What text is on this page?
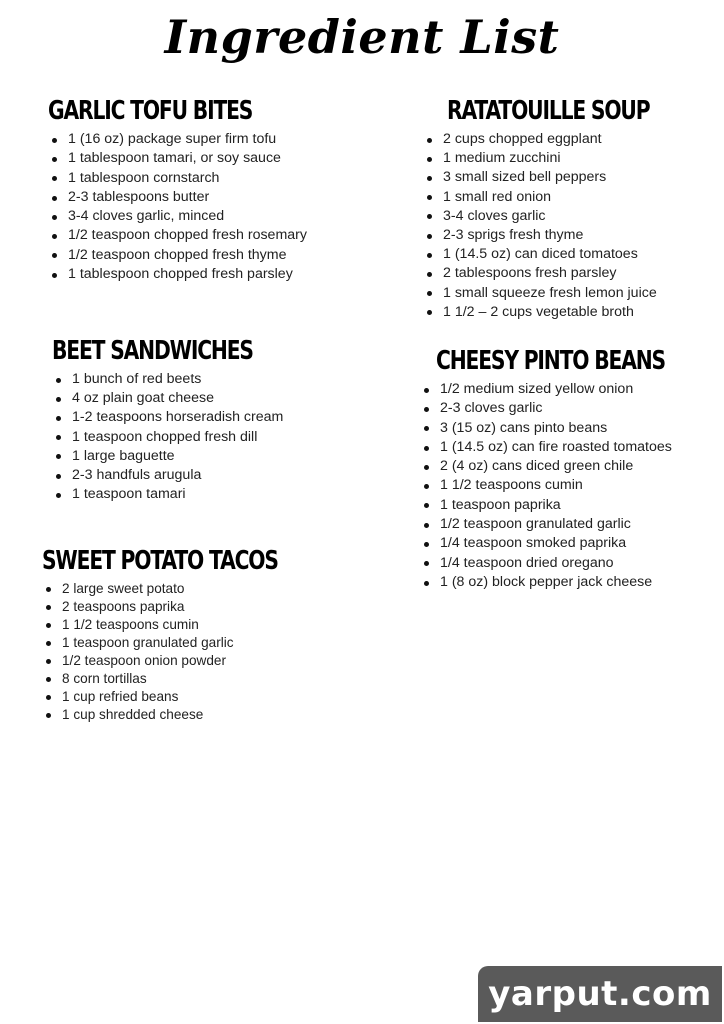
Ingredient List
GARLIC TOFU BITES
1 (16 oz) package super firm tofu
1 tablespoon tamari, or soy sauce
1 tablespoon cornstarch
2-3 tablespoons butter
3-4 cloves garlic, minced
1/2 teaspoon chopped fresh rosemary
1/2 teaspoon chopped fresh thyme
1 tablespoon chopped fresh parsley
BEET SANDWICHES
1 bunch of red beets
4 oz plain goat cheese
1-2 teaspoons horseradish cream
1 teaspoon chopped fresh dill
1 large baguette
2-3 handfuls arugula
1 teaspoon tamari
SWEET POTATO TACOS
2 large sweet potato
2 teaspoons paprika
1 1/2 teaspoons cumin
1 teaspoon granulated garlic
1/2 teaspoon onion powder
8 corn tortillas
1 cup refried beans
1 cup shredded cheese
RATATOUILLE SOUP
2 cups chopped eggplant
1 medium zucchini
3 small sized bell peppers
1 small red onion
3-4 cloves garlic
2-3 sprigs fresh thyme
1 (14.5 oz) can diced tomatoes
2 tablespoons fresh parsley
1 small squeeze fresh lemon juice
1 1/2 – 2 cups vegetable broth
CHEESY PINTO BEANS
1/2 medium sized yellow onion
2-3 cloves garlic
3 (15 oz) cans pinto beans
1 (14.5 oz) can fire roasted tomatoes
2 (4 oz) cans diced green chile
1 1/2 teaspoons cumin
1 teaspoon paprika
1/2 teaspoon granulated garlic
1/4 teaspoon smoked paprika
1/4 teaspoon dried oregano
1 (8 oz) block pepper jack cheese
yarput.com
